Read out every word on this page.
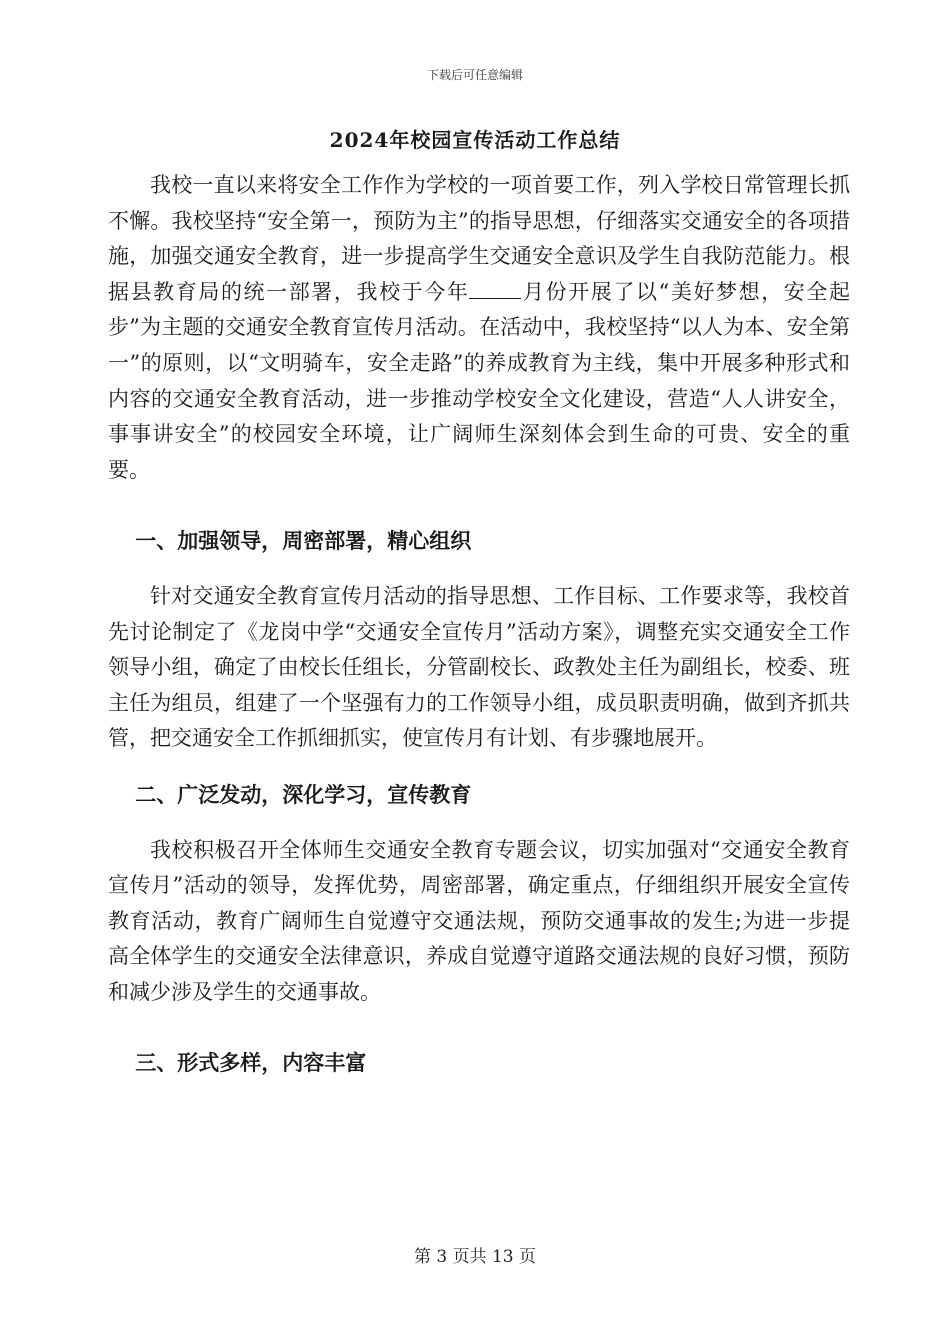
下载后可任意编辑
2024年校园宣传活动工作总结

我校一直以来将安全工作作为学校的一项首要工作，列入学校日常管理长抓不懈。我校坚持“安全第一，预防为主”的指导思想，仔细落实交通安全的各项措施，加强交通安全教育，进一步提高学生交通安全意识及学生自我防范能力。根据县教育局的统一部署，我校于今年 月份开展了以“美好梦想，安全起步”为主题的交通安全教育宣传月活动。在活动中，我校坚持“以人为本、安全第一”的原则，以“文明骑车，安全走路”的养成教育为主线，集中开展多种形式和内容的交通安全教育活动，进一步推动学校安全文化建设，营造“人人讲安全，事事讲安全”的校园安全环境，让广阔师生深刻体会到生命的可贵、安全的重要。

一、加强领导，周密部署，精心组织

针对交通安全教育宣传月活动的指导思想、工作目标、工作要求等，我校首先讨论制定了《龙岗中学“交通安全宣传月”活动方案》，调整充实交通安全工作领导小组，确定了由校长任组长，分管副校长、政教处主任为副组长，校委、班主任为组员，组建了一个坚强有力的工作领导小组，成员职责明确，做到齐抓共管，把交通安全工作抓细抓实，使宣传月有计划、有步骤地展开。

二、广泛发动，深化学习，宣传教育

我校积极召开全体师生交通安全教育专题会议，切实加强对“交通安全教育宣传月”活动的领导，发挥优势，周密部署，确定重点，仔细组织开展安全宣传教育活动，教育广阔师生自觉遵守交通法规，预防交通事故的发生;为进一步提高全体学生的交通安全法律意识，养成自觉遵守道路交通法规的良好习惯，预防和减少涉及学生的交通事故。

三、形式多样，内容丰富

第 3 页共 13 页
